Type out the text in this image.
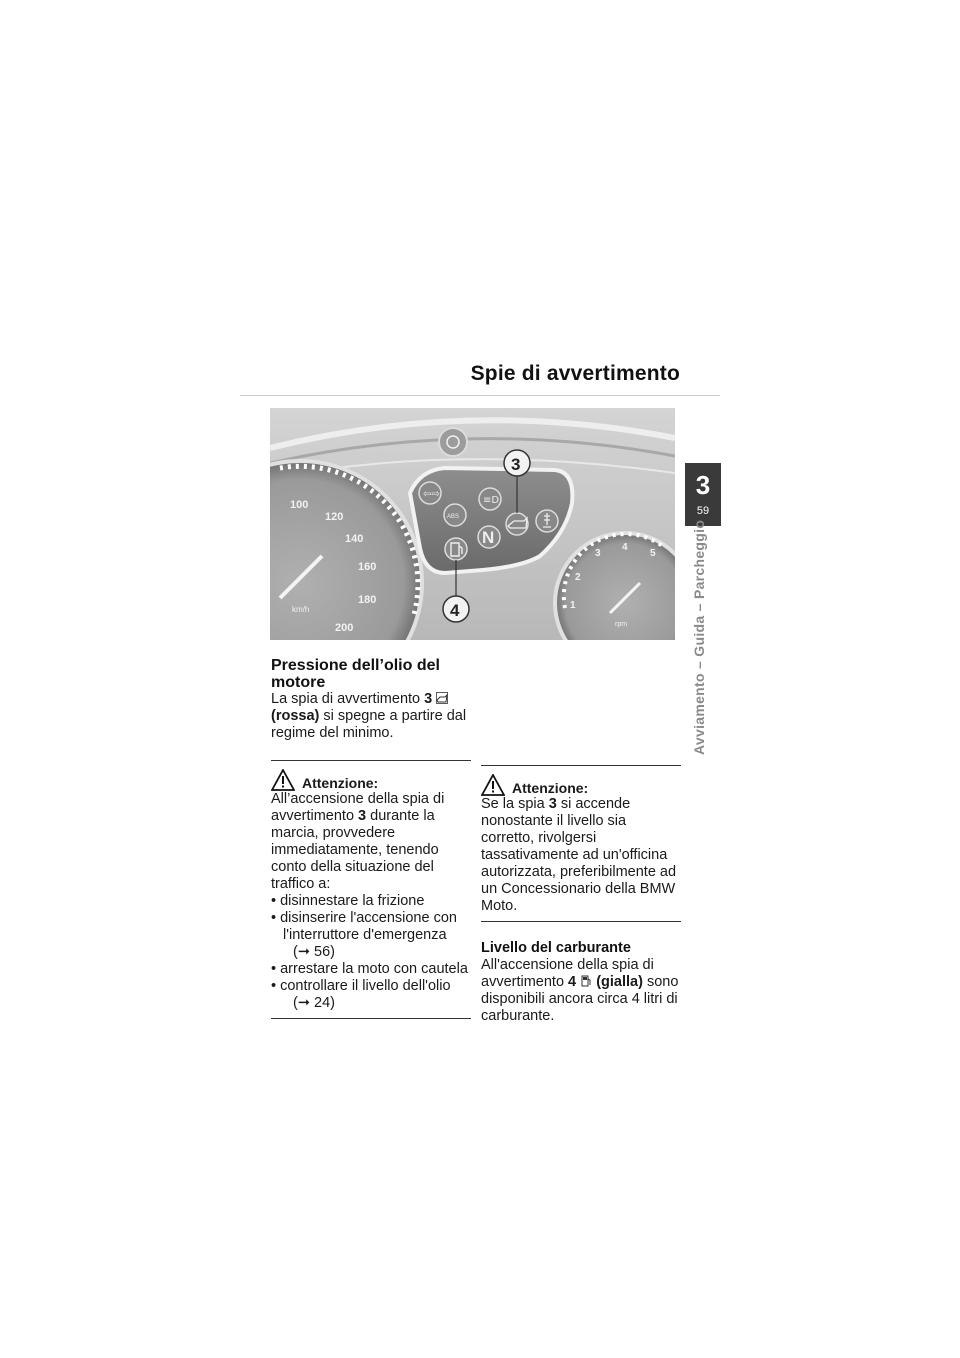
Spie di avvertimento
3
59
Avviamento – Guida – Parcheggio
100
120
140
160
180
200
km/h	1
2
3
4
5
rpm
⇦⇨
ABS
≡D
N
3
4
Pressione dell’olio del motore

La spia di avvertimento 3  (rossa) si spegne a partire dal regime del minimo.

Attenzione:

All’accensione della spia di avvertimento 3 durante la marcia, provvedere immediatamente, tenendo conto della situazione del traffico a:

• disinnestare la frizione
• disinserire l'accensione con l'interruttore d'emergenza
(➞ 56)
• arrestare la moto con cautela
• controllare il livello dell'olio
(➞ 24)
Attenzione:

Se la spia 3 si accende nonostante il livello sia corretto, rivolgersi tassativamente ad un'officina autorizzata, preferibilmente ad un Concessionario della BMW Moto.

Livello del carburante

All'accensione della spia di avvertimento 4 (gialla) sono disponibili ancora circa 4 litri di carburante.
